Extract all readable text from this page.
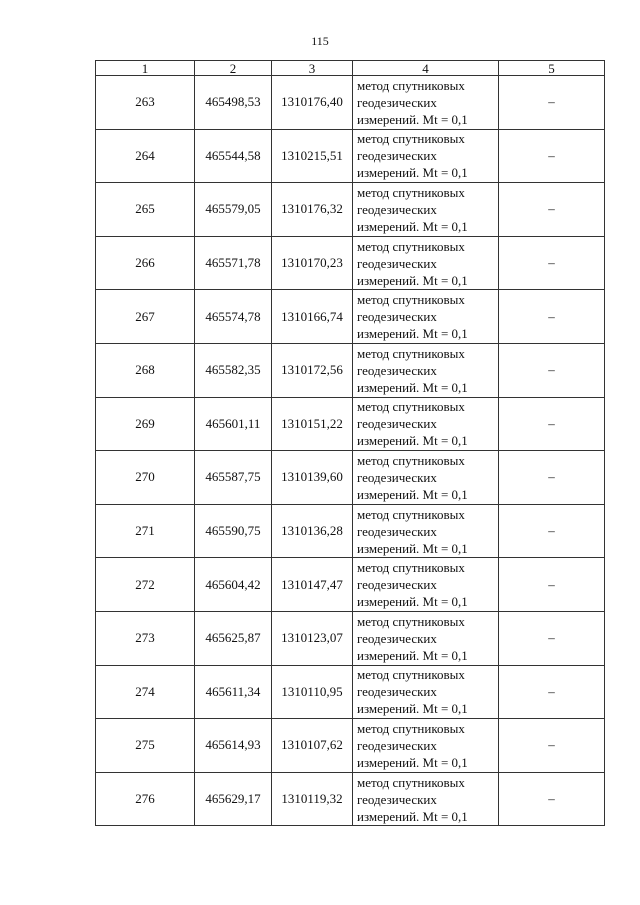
115
1	2	3	4	5
263	465498,53	1310176,40	метод спутниковых
геодезических
измерений. Mt = 0,1	–
264	465544,58	1310215,51	метод спутниковых
геодезических
измерений. Mt = 0,1	–
265	465579,05	1310176,32	метод спутниковых
геодезических
измерений. Mt = 0,1	–
266	465571,78	1310170,23	метод спутниковых
геодезических
измерений. Mt = 0,1	–
267	465574,78	1310166,74	метод спутниковых
геодезических
измерений. Mt = 0,1	–
268	465582,35	1310172,56	метод спутниковых
геодезических
измерений. Mt = 0,1	–
269	465601,11	1310151,22	метод спутниковых
геодезических
измерений. Mt = 0,1	–
270	465587,75	1310139,60	метод спутниковых
геодезических
измерений. Mt = 0,1	–
271	465590,75	1310136,28	метод спутниковых
геодезических
измерений. Mt = 0,1	–
272	465604,42	1310147,47	метод спутниковых
геодезических
измерений. Mt = 0,1	–
273	465625,87	1310123,07	метод спутниковых
геодезических
измерений. Mt = 0,1	–
274	465611,34	1310110,95	метод спутниковых
геодезических
измерений. Mt = 0,1	–
275	465614,93	1310107,62	метод спутниковых
геодезических
измерений. Mt = 0,1	–
276	465629,17	1310119,32	метод спутниковых
геодезических
измерений. Mt = 0,1	–
